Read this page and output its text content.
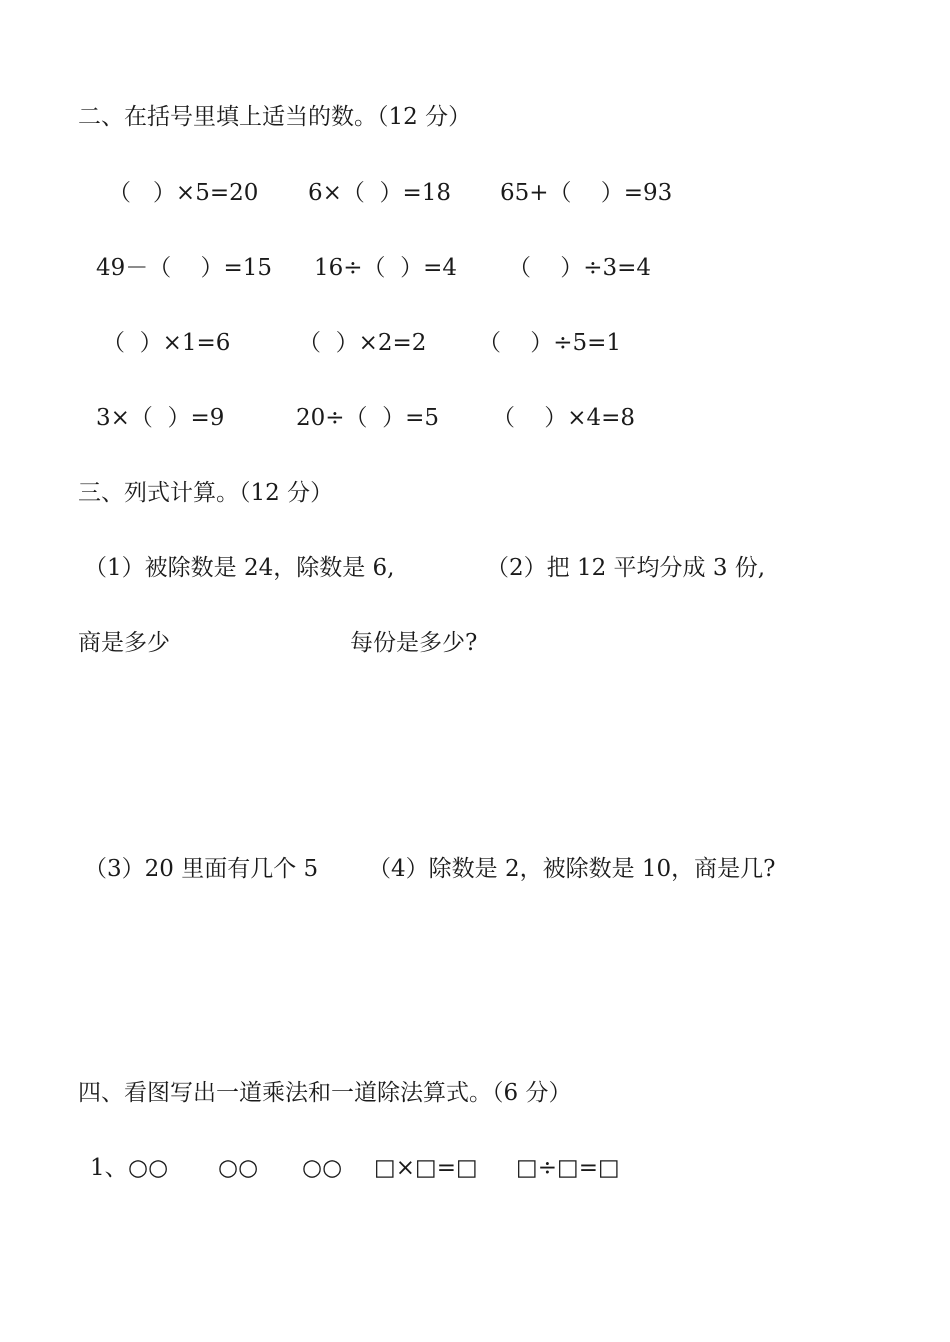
二、在括号里填上适当的数。（12 分）
（   ）×5=20 6×（  ）=18 65+（    ）=93
49－（    ）=15 16÷（  ）=4 （    ）÷3=4
（  ）×1=6	（  ）×2=2 （    ）÷5=1
3×（  ）=9	20÷（  ）=5 （    ）×4=8
三、列式计算。（12 分）
（1）被除数是 24，除数是 6,	（2）把 12 平均分成 3 份,
商是多少	每份是多少?
（3）20 里面有几个 5 （4）除数是 2，被除数是 10，商是几?
四、看图写出一道乘法和一道除法算式。（6 分）
1、 ○○ ○○ ○○ □×□=□ □÷□=□
